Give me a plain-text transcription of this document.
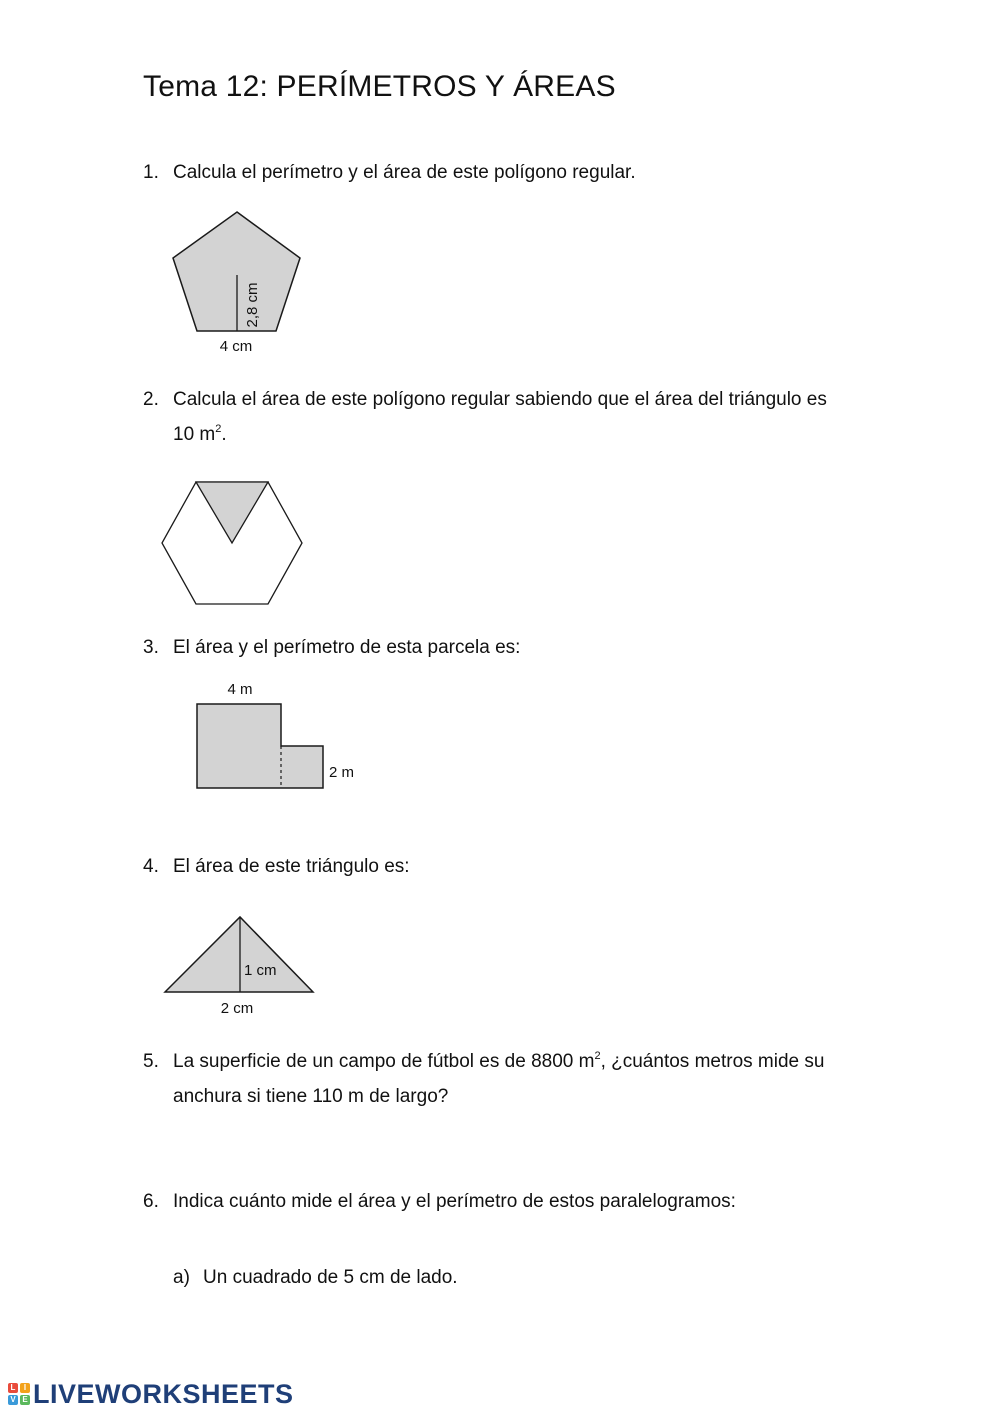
Tema 12: PERÍMETROS Y ÁREAS
1. Calcula el perímetro y el área de este polígono regular.
2,8 cm
4 cm
2. Calcula el área de este polígono regular sabiendo que el área del triángulo es 10 $m^2$.
3. El área y el perímetro de esta parcela es:
4 m
2 m
4. El área de este triángulo es:
1 cm
2 cm
5. La superficie de un campo de fútbol es de 8800 $m^2$, ¿cuántos metros mide su anchura si tiene 110 m de largo?
6. Indica cuánto mide el área y el perímetro de estos paralelogramos:
a) Un cuadrado de 5 cm de lado.
L	I
V E LIVEWORKSHEETS
